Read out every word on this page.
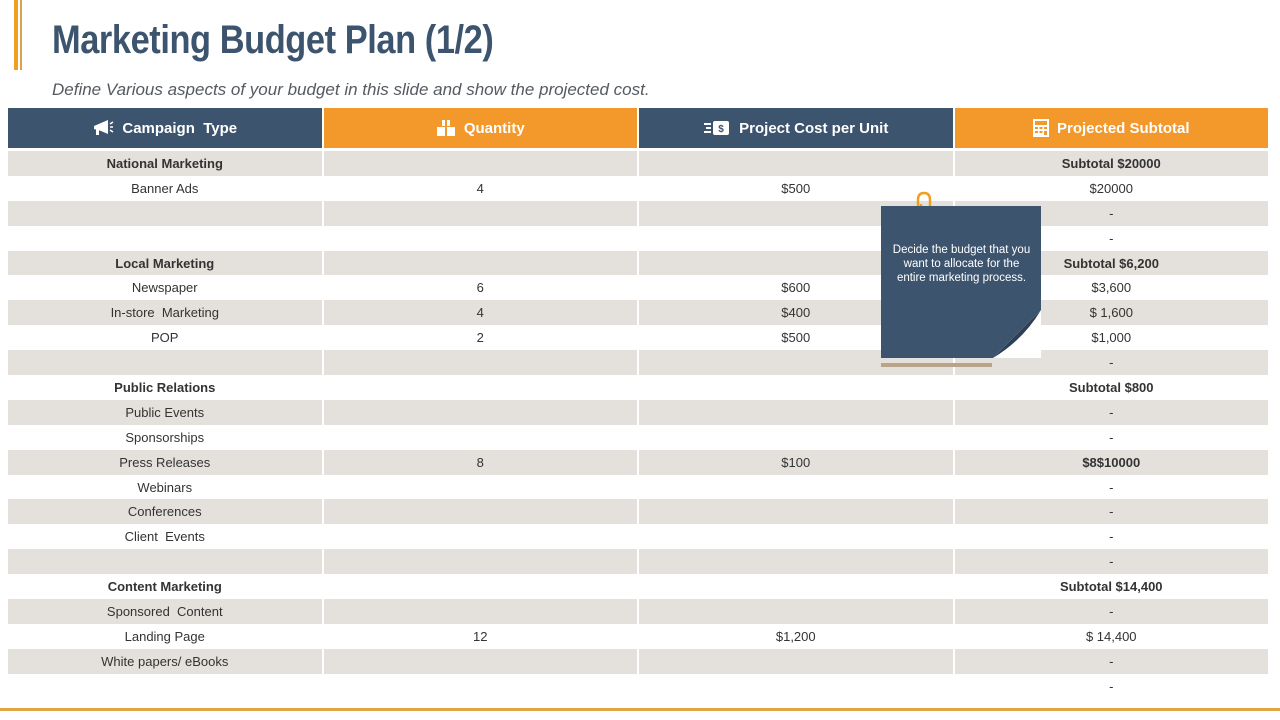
Marketing Budget Plan (1/2)
Define Various aspects of your budget in this slide and show the projected cost.
Campaign  Type	Quantity	$ Project Cost per Unit	Projected Subtotal

National Marketing			Subtotal $20000
Banner Ads	4	$500	$20000
			-
			-
Local Marketing			Subtotal $6,200
Newspaper	6	$600	$3,600
In-store  Marketing	4	$400	$ 1,600
POP	2	$500	$1,000
			-
Public Relations			Subtotal $800
Public Events			-
Sponsorships			-
Press Releases	8	$100	$8$10000
Webinars			-
Conferences			-
Client  Events			-
			-
Content Marketing			Subtotal $14,400
Sponsored  Content			-
Landing Page	12	$1,200	$ 14,400
White papers/ eBooks			-
			-
Decide the budget that you want to allocate for the entire marketing process.
